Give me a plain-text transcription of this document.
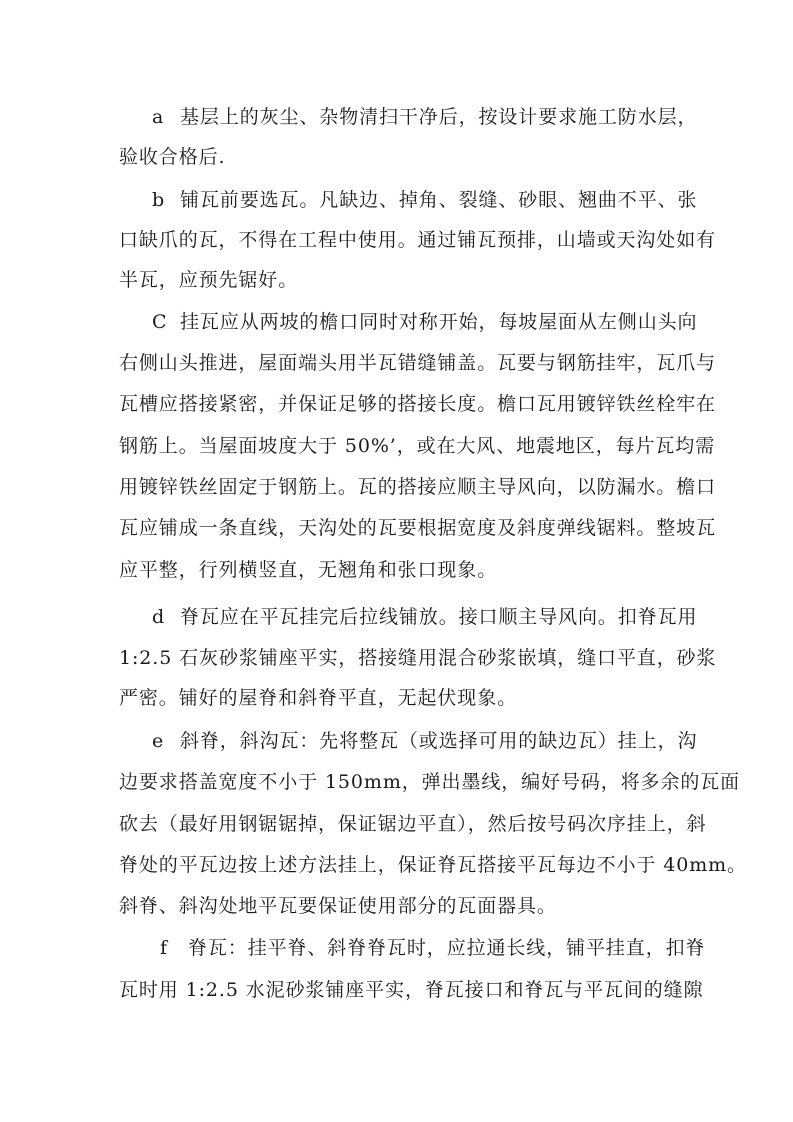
a 基层上的灰尘、杂物清扫干净后，按设计要求施工防水层，
验收合格后.
b 铺瓦前要选瓦。凡缺边、掉角、裂缝、砂眼、翘曲不平、张
口缺爪的瓦，不得在工程中使用。通过铺瓦预排，山墙或天沟处如有
半瓦，应预先锯好。
C 挂瓦应从两坡的檐口同时对称开始，每坡屋面从左侧山头向
右侧山头推进，屋面端头用半瓦错缝铺盖。瓦要与钢筋挂牢，瓦爪与
瓦槽应搭接紧密，并保证足够的搭接长度。檐口瓦用镀锌铁丝栓牢在
钢筋上。当屋面坡度大于 50%’，或在大风、地震地区，每片瓦均需
用镀锌铁丝固定于钢筋上。瓦的搭接应顺主导风向，以防漏水。檐口
瓦应铺成一条直线，天沟处的瓦要根据宽度及斜度弹线锯料。整坡瓦
应平整，行列横竖直，无翘角和张口现象。
d 脊瓦应在平瓦挂完后拉线铺放。接口顺主导风向。扣脊瓦用
1:2.5 石灰砂浆铺座平实，搭接缝用混合砂浆嵌填，缝口平直，砂浆
严密。铺好的屋脊和斜脊平直，无起伏现象。
e 斜脊，斜沟瓦：先将整瓦（或选择可用的缺边瓦）挂上，沟
边要求搭盖宽度不小于 150mm，弹出墨线，编好号码，将多余的瓦面
砍去（最好用钢锯锯掉，保证锯边平直），然后按号码次序挂上，斜
脊处的平瓦边按上述方法挂上，保证脊瓦搭接平瓦每边不小于 40mm。
斜脊、斜沟处地平瓦要保证使用部分的瓦面器具。
f 脊瓦：挂平脊、斜脊脊瓦时，应拉通长线，铺平挂直，扣脊
瓦时用 1:2.5 水泥砂浆铺座平实，脊瓦接口和脊瓦与平瓦间的缝隙
